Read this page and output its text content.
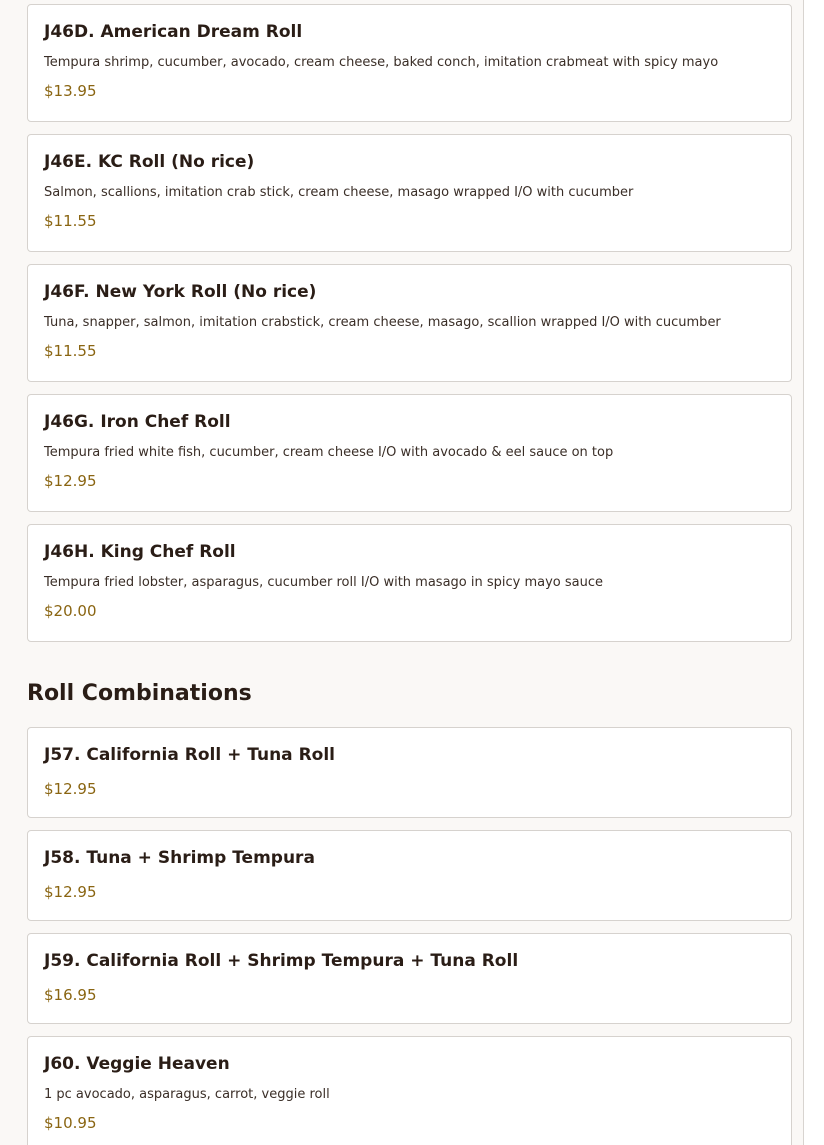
J46D. American Dream Roll
Tempura shrimp, cucumber, avocado, cream cheese, baked conch, imitation crabmeat with spicy mayo
$13.95
J46E. KC Roll (No rice)
Salmon, scallions, imitation crab stick, cream cheese, masago wrapped I/O with cucumber
$11.55
J46F. New York Roll (No rice)
Tuna, snapper, salmon, imitation crabstick, cream cheese, masago, scallion wrapped I/O with cucumber
$11.55
J46G. Iron Chef Roll
Tempura fried white fish, cucumber, cream cheese I/O with avocado & eel sauce on top
$12.95
J46H. King Chef Roll
Tempura fried lobster, asparagus, cucumber roll I/O with masago in spicy mayo sauce
$20.00
Roll Combinations
J57. California Roll + Tuna Roll
$12.95
J58. Tuna + Shrimp Tempura
$12.95
J59. California Roll + Shrimp Tempura + Tuna Roll
$16.95
J60. Veggie Heaven
1 pc avocado, asparagus, carrot, veggie roll
$10.95
